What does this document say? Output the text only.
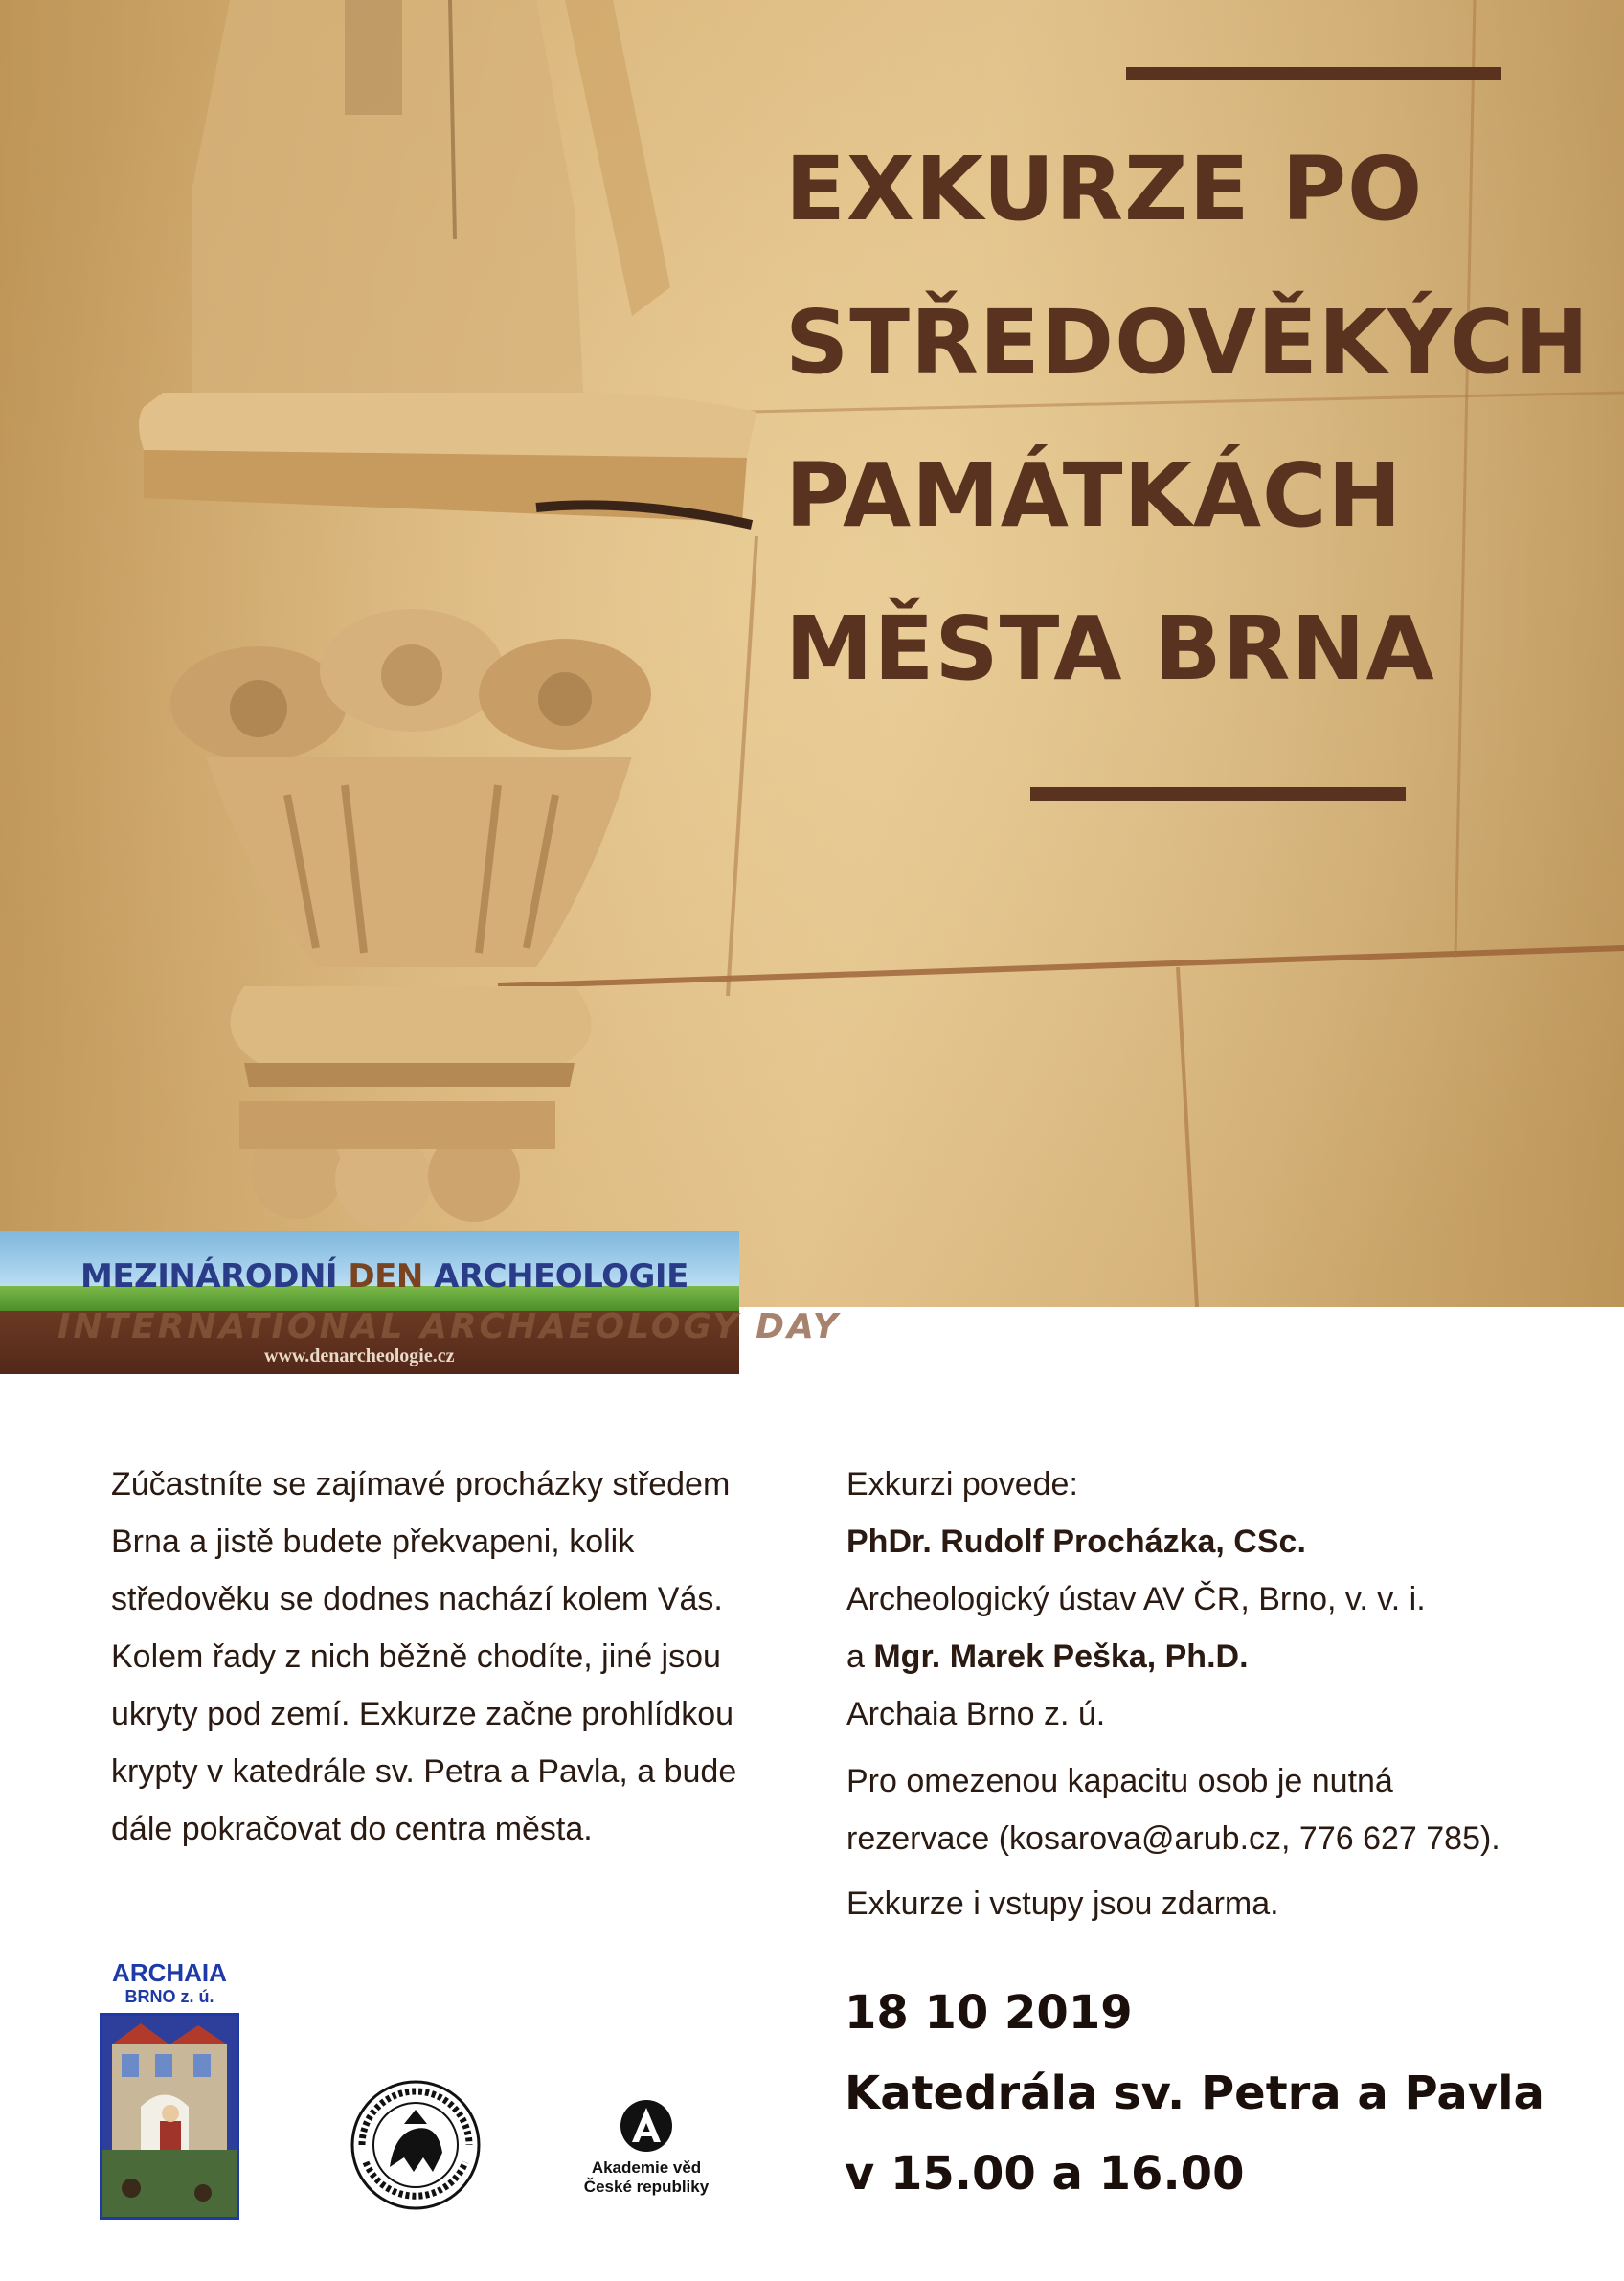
EXKURZE PO
STŘEDOVĚKÝCH
PAMÁTKÁCH
MĚSTA BRNA
MEZINÁRODNÍ DEN ARCHEOLOGIE
INTERNATIONAL ARCHAEOLOGY DAY
www.denarcheologie.cz

Zúčastníte se zajímavé procházky středem

Brna a jistě budete překvapeni, kolik

středověku se dodnes nachází kolem Vás.

Kolem řady z nich běžně chodíte, jiné jsou

ukryty pod zemí. Exkurze začne prohlídkou

krypty v katedrále sv. Petra a Pavla, a bude

dále pokračovat do centra města.

Exkurzi povede:
PhDr. Rudolf Procházka, CSc.
Archeologický ústav AV ČR, Brno, v. v. i.
a Mgr. Marek Peška, Ph.D.
Archaia Brno z. ú.
Pro omezenou kapacitu osob je nutná
rezervace (kosarova@arub.cz, 776 627 785).
Exkurze i vstupy jsou zdarma.
18 10 2019
Katedrála sv. Petra a Pavla
v 15.00 a 16.00
ARCHAIA
BRNO z. ú.
Akademie věd
České republiky
